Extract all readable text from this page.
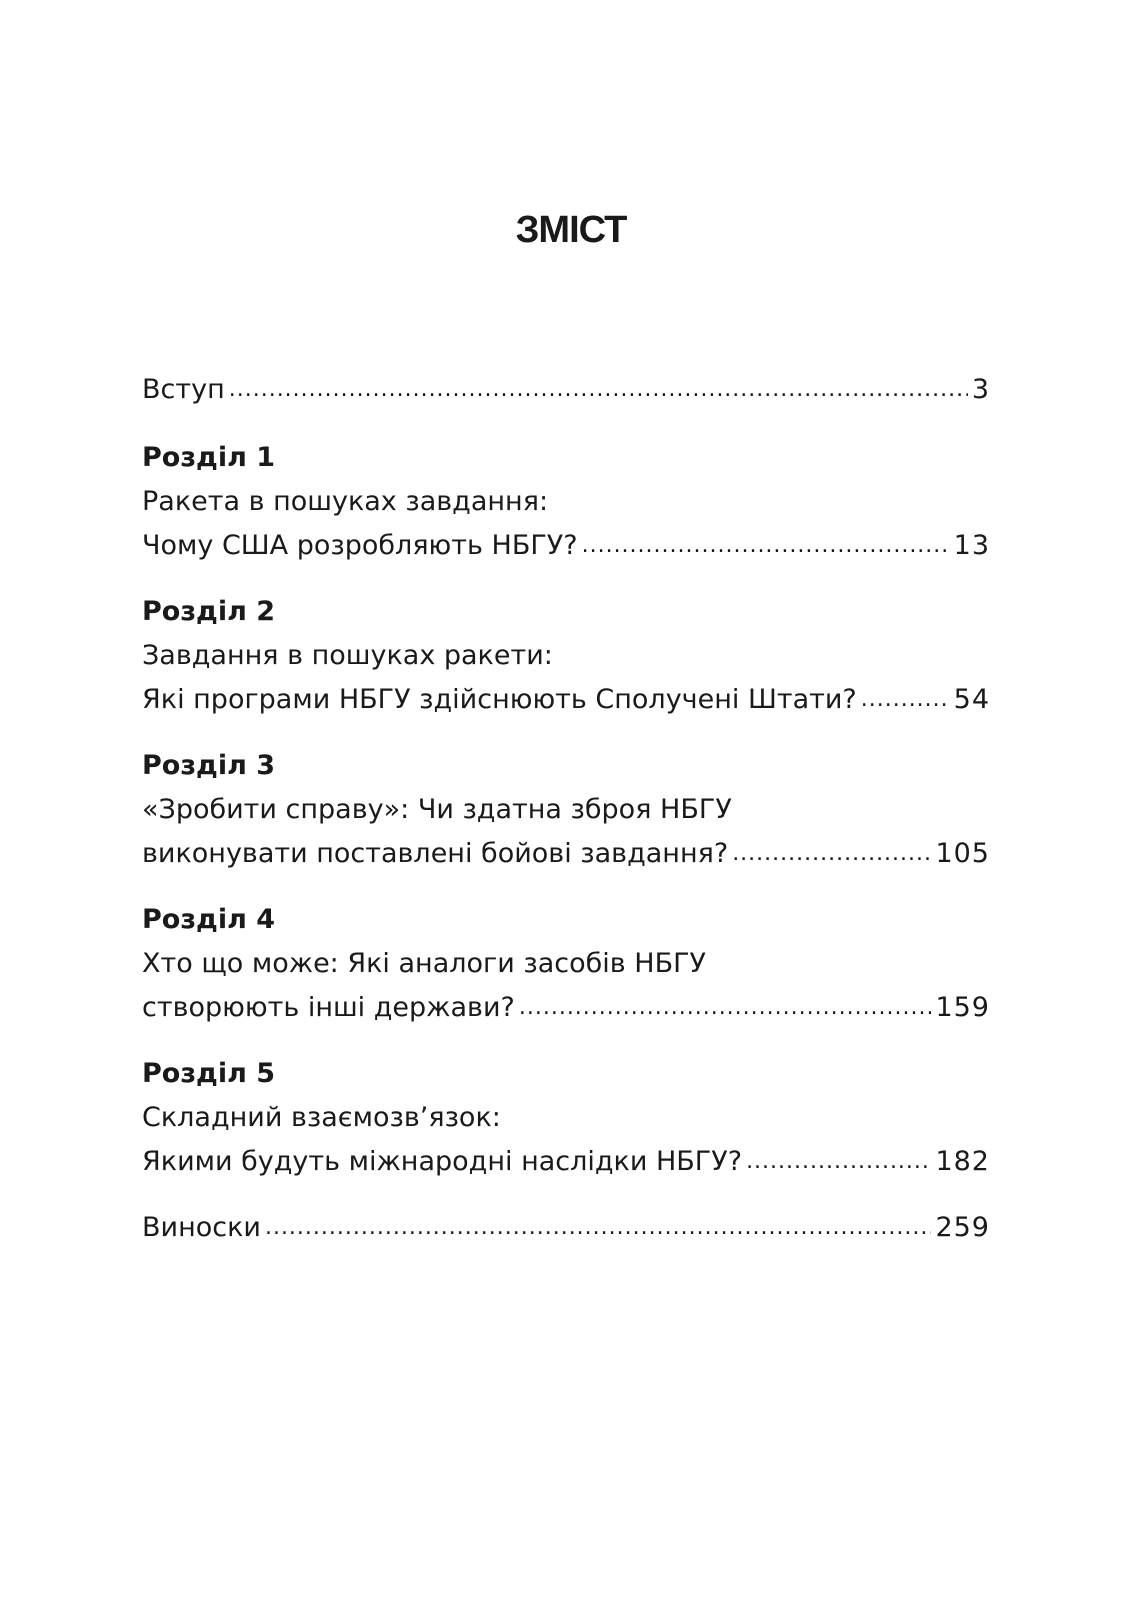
ЗМІСТ
Вступ .....	3
Розділ 1
Ракета в пошуках завдання:
Чому США розробляють НБГУ? .....	13
Розділ 2
Завдання в пошуках ракети:
Які програми НБГУ здійснюють Сполучені Штати? .....	54
Розділ 3
«Зробити справу»: Чи здатна зброя НБГУ
виконувати поставлені бойові завдання? .....	105
Розділ 4
Хто що може: Які аналоги засобів НБГУ
створюють інші держави? .....	159
Розділ 5
Складний взаємозв’язок:
Якими будуть міжнародні наслідки НБГУ? .....	182
Виноски .....	259
